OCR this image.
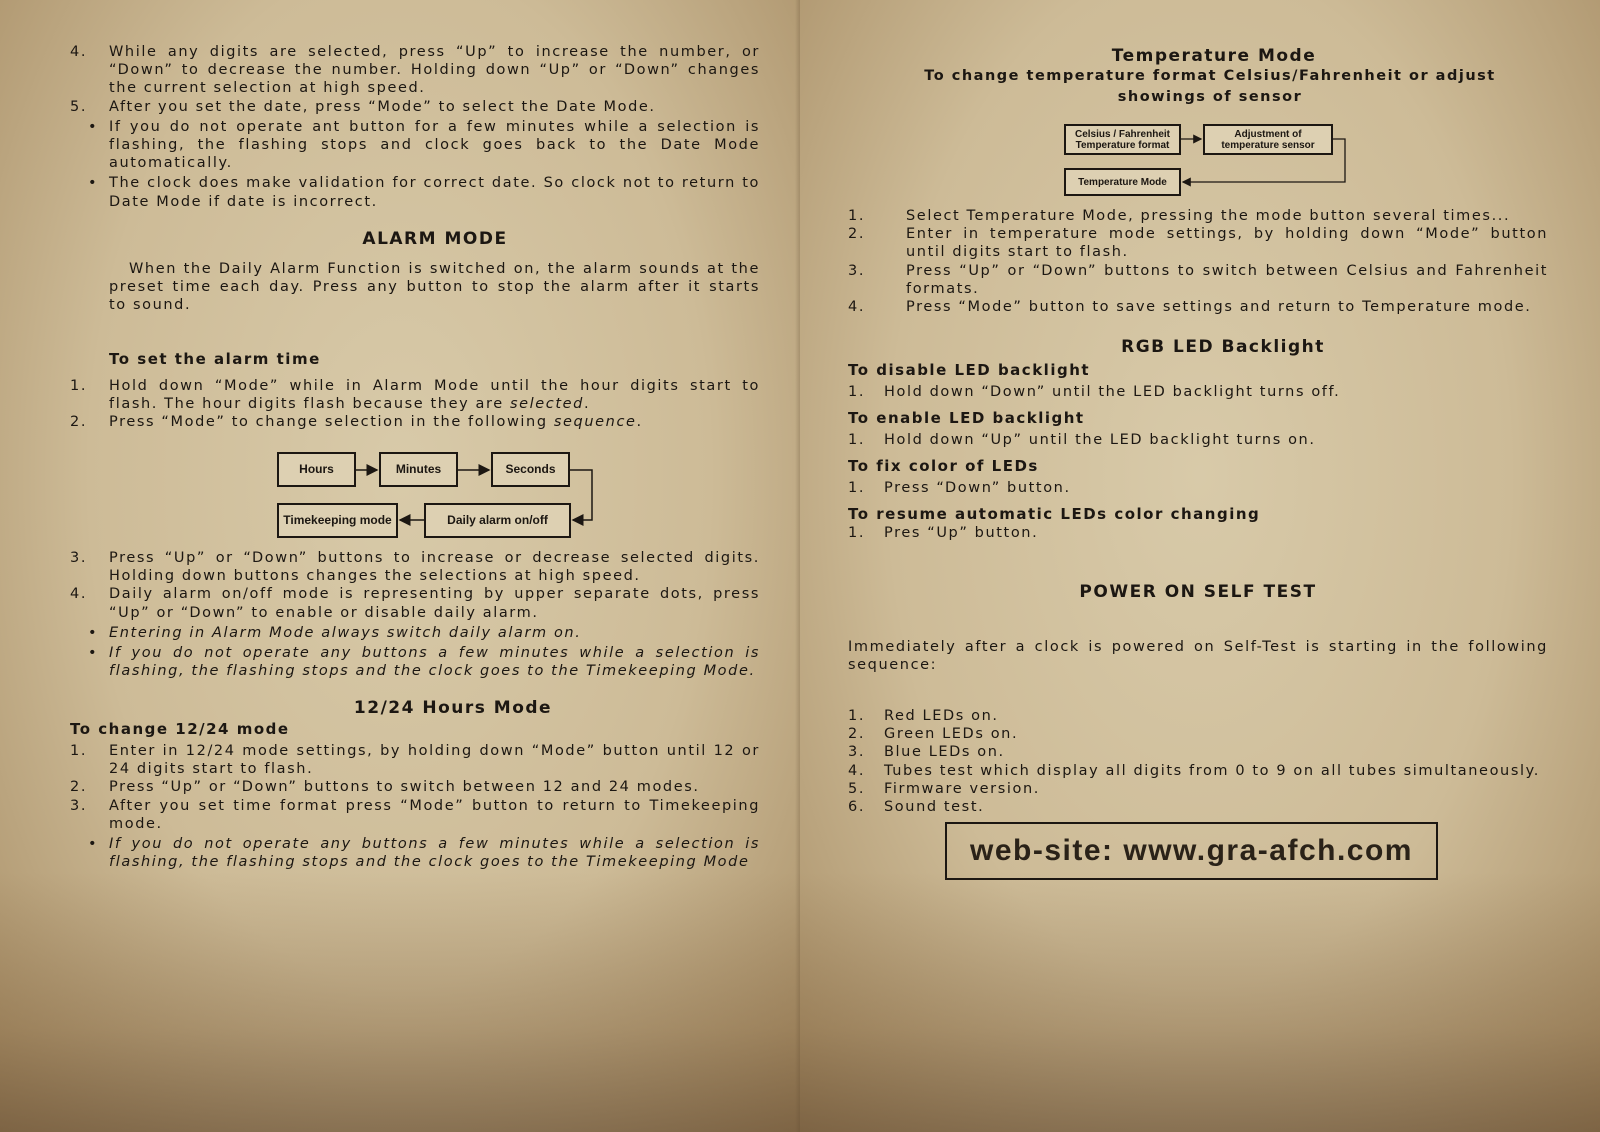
4. While any digits are selected, press “Up” to increase the number, or “Down” to decrease the number. Holding down “Up” or “Down” changes the current selection at high speed.
5. After you set the date, press “Mode” to select the Date Mode.
• If you do not operate ant button for a few minutes while a selection is flashing, the flashing stops and clock goes back to the Date Mode automatically.
• The clock does make validation for correct date. So clock not to return to Date Mode if date is incorrect.
ALARM MODE
When the Daily Alarm Function is switched on, the alarm sounds at the preset time each day. Press any button to stop the alarm after it starts to sound.
To set the alarm time
1. Hold down “Mode” while in Alarm Mode until the hour digits start to flash. The hour digits flash because they are selected.
2. Press “Mode” to change selection in the following sequence.
Hours	Minutes	Seconds
Timekeeping mode	Daily alarm on/off
3. Press “Up” or “Down” buttons to increase or decrease selected digits. Holding down buttons changes the selections at high speed.
4. Daily alarm on/off mode is representing by upper separate dots, press “Up” or “Down” to enable or disable daily alarm.
• Entering in Alarm Mode always switch daily alarm on.
• If you do not operate any buttons a few minutes while a selection is flashing, the flashing stops and the clock goes to the Timekeeping Mode.
12/24 Hours Mode
To change 12/24 mode
1. Enter in 12/24 mode settings, by holding down “Mode” button until 12 or 24 digits start to flash.
2. Press “Up” or “Down” buttons to switch between 12 and 24 modes.
3. After you set time format press “Mode” button to return to Timekeeping mode.
• If you do not operate any buttons a few minutes while a selection is flashing, the flashing stops and the clock goes to the Timekeeping Mode
Temperature Mode
To change temperature format Celsius/Fahrenheit or adjust showings of sensor
Celsius / Fahrenheit Temperature format
Adjustment of temperature sensor
Temperature Mode
1.	Select Temperature Mode, pressing the mode button several times...
2.	Enter in temperature mode settings, by holding down “Mode” button until digits start to flash.
3.	Press “Up” or “Down” buttons to switch between Celsius and Fahrenheit formats.
4.	Press “Mode” button to save settings and return to Temperature mode.
RGB LED Backlight
To disable LED backlight
1. Hold down “Down” until the LED backlight turns off.
To enable LED backlight
1. Hold down “Up” until the LED backlight turns on.
To fix color of LEDs
1. Press “Down” button.
To resume automatic LEDs color changing
1. Pres “Up” button.
POWER ON SELF TEST
Immediately after a clock is powered on Self-Test is starting in the following sequence:
1. Red LEDs on.
2. Green LEDs on.
3. Blue LEDs on.
4. Tubes test which display all digits from 0 to 9 on all tubes simultaneously.
5. Firmware version.
6. Sound test.
web-site: www.gra-afch.com
